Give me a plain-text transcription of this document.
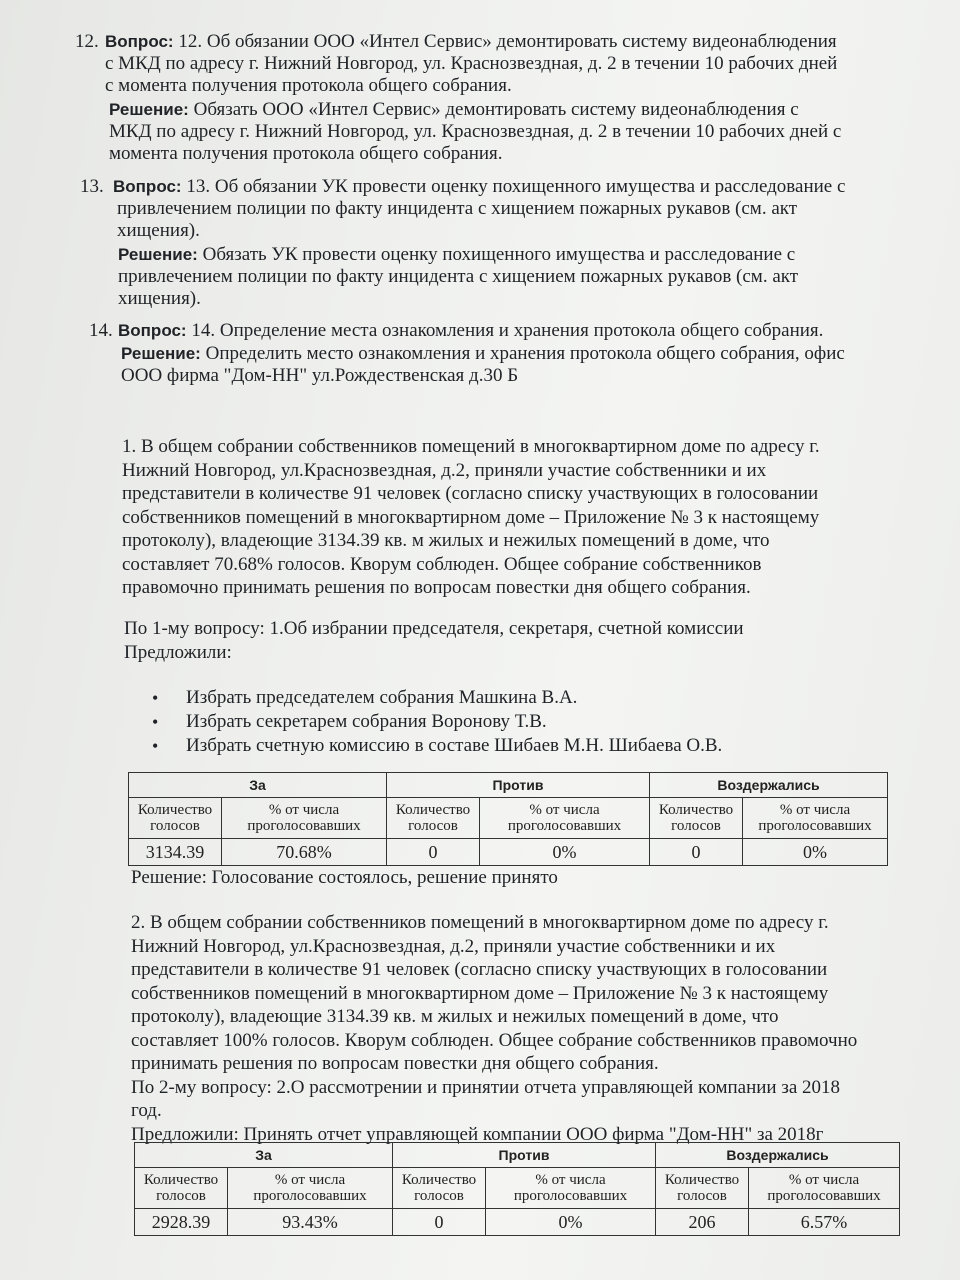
12. Вопрос: 12. Об обязании ООО «Интел Сервис» демонтировать систему видеонаблюдения
с МКД по адресу г. Нижний Новгород, ул. Краснозвездная, д. 2 в течении 10 рабочих дней
с момента получения протокола общего собрания.
Решение: Обязать ООО «Интел Сервис» демонтировать систему видеонаблюдения с
МКД по адресу г. Нижний Новгород, ул. Краснозвездная, д. 2 в течении 10 рабочих дней с
момента получения протокола общего собрания.
13. Вопрос: 13. Об обязании УК провести оценку похищенного имущества и расследование с
привлечением полиции по факту инцидента с хищением пожарных рукавов (см. акт
хищения).
Решение: Обязать УК провести оценку похищенного имущества и расследование с
привлечением полиции по факту инцидента с хищением пожарных рукавов (см. акт
хищения).
14. Вопрос: 14. Определение места ознакомления и хранения протокола общего собрания.
Решение: Определить место ознакомления и хранения протокола общего собрания, офис
ООО фирма "Дом-НН" ул.Рождественская д.30 Б
1. В общем собрании собственников помещений в многоквартирном доме по адресу г.
Нижний Новгород, ул.Краснозвездная, д.2, приняли участие собственники и их
представители в количестве 91 человек (согласно списку участвующих в голосовании
собственников помещений в многоквартирном доме – Приложение № 3 к настоящему
протоколу), владеющие 3134.39 кв. м жилых и нежилых помещений в доме, что
составляет 70.68% голосов. Кворум соблюден. Общее собрание собственников
правомочно принимать решения по вопросам повестки дня общего собрания.
По 1-му вопросу: 1.Об избрании председателя, секретаря, счетной комиссии
Предложили:
• Избрать председателем собрания Машкина В.А.
• Избрать секретарем собрания Воронову Т.В.
• Избрать счетную комиссию в составе Шибаев М.Н. Шибаева О.В.
За		Против		Воздержались	
Количество голосов	% от числа проголосовавших	Количество голосов	% от числа проголосовавших	Количество голосов	% от числа проголосовавших
3134.39	70.68%	0	0%	0	0%
Решение: Голосование состоялось, решение принято
2. В общем собрании собственников помещений в многоквартирном доме по адресу г.
Нижний Новгород, ул.Краснозвездная, д.2, приняли участие собственники и их
представители в количестве 91 человек (согласно списку участвующих в голосовании
собственников помещений в многоквартирном доме – Приложение № 3 к настоящему
протоколу), владеющие 3134.39 кв. м жилых и нежилых помещений в доме, что
составляет 100% голосов. Кворум соблюден. Общее собрание собственников правомочно
принимать решения по вопросам повестки дня общего собрания.
По 2-му вопросу: 2.О рассмотрении и принятии отчета управляющей компании за 2018
год.
Предложили: Принять отчет управляющей компании ООО фирма "Дом-НН" за 2018г
За		Против		Воздержались	
Количество голосов	% от числа проголосовавших	Количество голосов	% от числа проголосовавших	Количество голосов	% от числа проголосовавших
2928.39	93.43%	0	0%	206	6.57%
